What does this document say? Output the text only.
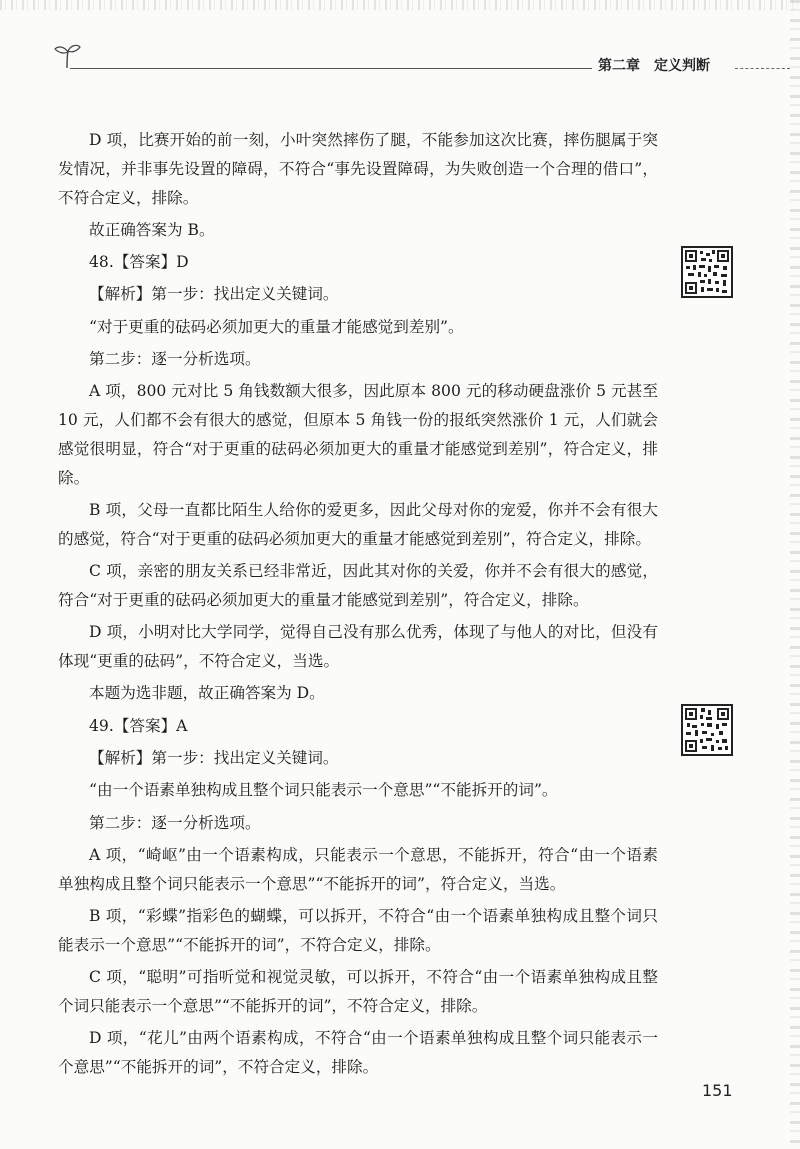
第二章 定义判断

D 项，比赛开始的前一刻，小叶突然摔伤了腿，不能参加这次比赛，摔伤腿属于突发情况，并非事先设置的障碍，不符合“事先设置障碍，为失败创造一个合理的借口”，不符合定义，排除。

故正确答案为 B。

48.【答案】D

【解析】第一步：找出定义关键词。

“对于更重的砝码必须加更大的重量才能感觉到差别”。

第二步：逐一分析选项。

A 项，800 元对比 5 角钱数额大很多，因此原本 800 元的移动硬盘涨价 5 元甚至 10 元，人们都不会有很大的感觉，但原本 5 角钱一份的报纸突然涨价 1 元，人们就会感觉很明显，符合“对于更重的砝码必须加更大的重量才能感觉到差别”，符合定义，排除。

B 项，父母一直都比陌生人给你的爱更多，因此父母对你的宠爱，你并不会有很大的感觉，符合“对于更重的砝码必须加更大的重量才能感觉到差别”，符合定义，排除。

C 项，亲密的朋友关系已经非常近，因此其对你的关爱，你并不会有很大的感觉，符合“对于更重的砝码必须加更大的重量才能感觉到差别”，符合定义，排除。

D 项，小明对比大学同学，觉得自己没有那么优秀，体现了与他人的对比，但没有体现“更重的砝码”，不符合定义，当选。

本题为选非题，故正确答案为 D。

49.【答案】A

【解析】第一步：找出定义关键词。

“由一个语素单独构成且整个词只能表示一个意思”“不能拆开的词”。

第二步：逐一分析选项。

A 项，“崎岖”由一个语素构成，只能表示一个意思，不能拆开，符合“由一个语素单独构成且整个词只能表示一个意思”“不能拆开的词”，符合定义，当选。

B 项，“彩蝶”指彩色的蝴蝶，可以拆开，不符合“由一个语素单独构成且整个词只能表示一个意思”“不能拆开的词”，不符合定义，排除。

C 项，“聪明”可指听觉和视觉灵敏，可以拆开，不符合“由一个语素单独构成且整个词只能表示一个意思”“不能拆开的词”，不符合定义，排除。

D 项，“花儿”由两个语素构成，不符合“由一个语素单独构成且整个词只能表示一个意思”“不能拆开的词”，不符合定义，排除。

151
